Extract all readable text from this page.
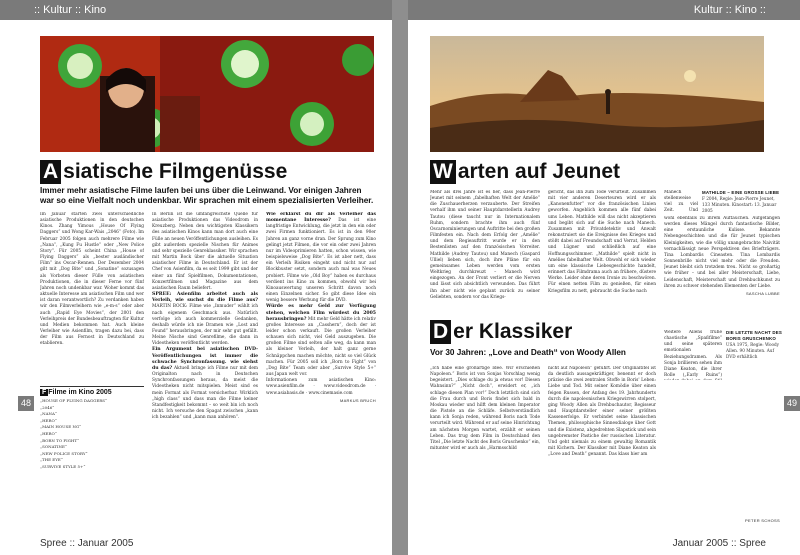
:: Kultur :: Kino
A siatische Filmgenüsse
Immer mehr asiatische Filme laufen bei uns über die Leinwand. Vor einigen Jahren war so eine Vielfalt noch undenkbar. Wir sprachen mit einem spezialisierten Verleiher.
Im Januar starten zwei unterschiedliche asiatische Produktionen in den deutschen Kinos. Zhang Yimous „House Of Flying Daggers“ und Wong Kar-Wais „2046“ (Foto). Im Februar 2005 folgen auch mehrere Filme wie „Nana“, „Kung Fu Hustle“ oder „New Police Story“. Für 2005 scheint China „House of Flying Daggers“ als „bester ausländischer Film“ ins Oscar-Rennen. Der Dezember 2004 gilt mit „Dog Bite“ und „Sonatine“ sozusagen als Vorboten dieser Fülle von asiatischen Produktionen, die in dieser Ferne vor fünf Jahren noch undenkbar war. Woher kommt das aktuelle Interesse am asiatischen Film und wer ist daran verantwortlich? Zu verdanken haben wir den Filmverleihern wie „e-m-s“ oder aber auch „Rapid Eye Movies“, der 2001 den Verleihpreis der Bundesbeauftragten für Kultur und Medien bekommen hat. Auch kleine Verleiher wie Asienfilm, tragen dazu bei, dass der Film aus Fernost in Deutschland zu etablieren.
In Berlin ist die umfangreichste Quelle für asiatische Produktionen das Videodrom in Kreuzberg. Neben den wichtigsten Klassikern des asiatischen Kinos kann man dort auch eine Fülle an neuen Veröffentlichungen ausleihen. Es gibt außerdem spezielle Nischen für Animes und sehr spezielle Genreklassiker. Wir sprachen mit Martin Bock über die aktuelle Situation asiatischer Filme in Deutschland. Er ist der Chef von Asienfilm, da es seit 1999 gibt und der einer an fünf Spielfilmen, Dokumentationen, Konzertfilmen und Magazine aus dem asiatischen Raum beliefert.
SPREE: Asienfilm arbeitet auch als Verleih, wie suchst du die Filme aus? MARTIN BOCK: Filme wie „Inmuder“ wählt ich nach eigenem Geschmack aus. Natürlich verfolge ich auch kommerzielle Gedanken, deshalb würde ich nie Dramen wie „Lost and Found“ herausbringen, der mir sehr gut gefällt. Meine Nische sind Genrefilme, die dann in Videotheken veröffentlicht werden.
Ein Argument bei asiatischen DVD-Veröffentlichungen ist immer die schwache Synchronfassung. wie siehst du das? Aktuell bringe ich Filme nur mit dem Originalton nach in Deutschen Synchronfassungen heraus, da meist die Videotheken nicht mitspielen. Meist sind es mein Format als Format versicherbar. Wirklich „high class“ und dass man die Filme keiner Standfestigkeit bekommt – so weit bin ich noch nicht. Ich versuche den Spagat zwischen „kann ich bezahlen“ und „kann man anhören“.
Wie erklärst du dir als Verleiher das momentane Interesse? Das ist eine langfristige Entwicklung, die jetzt in den ein oder zwei Firmen funktioniert. Es ist in den 90er Jahren an ganz vorne dran. Der Sprung zum Kino gelingt jetzt Filmen, die vor ein oder zwei Jahren nur im Videoprimieren hatten, schon wissen, wie beispielsweise „Dog Bite“. Es ist aber nett, dass ein Verleih Risiken eingeht und nicht nur auf Blockbuster setzt, sondern auch mal was Neues probiert. Filme wie „Old Boy“ haben es durchaus verdient ins Kino zu kommen, obwohl wir bei Kinoauswertung unseren Schritt davon noch einen Einzelnen sicher. So gibt diese Idee ein wenig bessere Werbung für die DVD.
Würde es mehr Geld zur Verfügung stehen, welchen Film würdest du 2005 herausbringen? Mit mehr Geld hätte ich relativ großes Interesse an „Casshern“, doch der ist leider schon verkauft. Die großen Verleiher schauen sich nicht, viel Geld auszugeben. Die großen Filme sind selten alle weg, da kann man als kleiner Verleih, der halt ganz gerne Schnäppchen machen möchte, nicht so viel Glück machen. Für 2005 soll ich „Born to Fight“ von „Dog Bite“ Team oder aber „Survive Style 5+“ aus Japan welt vor.
Informationen zum asiatischen Kino: www.asienfilm.de · www.videodrom.de · www.asiabasis.de · www.cinemasie.com
MARKUS BRUCH
F Filme im Kino 2005
„HOUSE OF FLYING DAGGERS“
„2046“
„NANA“
„HERO“
„MAIN HOUSE NG“
„HERO“
„BORN TO FIGHT“
„SONATINE“
„NEW POLICE STORY“
„THE EYE“
„SURVIVE STYLE 5+“
48
Spree :: Januar 2005
Kultur :: Kino ::
W arten auf Jeunet
Mehr als drei Jahre ist es her, dass Jean-Pierre Jeunet mit seinem „fabelhaften Welt der Amélie“ die Zuschauerherzen verzauberte. Der Streifen verhalf ihm und seiner Hauptdarstellerin Audrey Tautou (diese taucht nur in Internationalem Ruhm, sondern brachte ihm auch fünf Oscarnominierungen und Auftritte bei den großen Filmfesten ein. Nach dem Erfolg der „Amélie“ und dem Regieauftritt wurde er in den Bestenlisten auf den französischen Vorreiter. Mathilde (Audrey Tautou) und Manech (Gaspard Ulliel) lieben sich, doch ihre Pläne für ein gemeinsames Leben werden vom ersten Weltkrieg durchkreuzt – Manech wird eingezogen. An der Front verliert er die Nerven und lässt sich absichtlich verwunden. Das führt ihn aber nicht wie geplant zurück zu seiner Geliebten, sondern vor das Kriegs-
gericht, das ihn zum Tode verurteilt. Zusammen mit vier anderen Deserteuren wird er als „Kanonenfutter“ vor die französischen Linien geworfen. Angeblich kommen alle fünf dabei ums Leben. Mathilde will das nicht akzeptieren und begibt sich auf die Suche nach Manech. Zusammen mit Privatdetektiv und Anwalt rekonstruiert sie die Ereignisse des Krieges und stößt dabei auf Freundschaft und Verrat, Helden und Lügner und schließlich auf eine Hoffnungsschimmer. „Mathilde“ spielt nicht in Amélies fabelhafter Welt. Obwohl er sich wieder um eine klassische Liebesgeschichte handelt, erinnert das Filmdrama auch an frühere, düstere Werke. Leider ohne deren Ironie zu beschwören. Für einen netten Film zu genießen, für einen Kriegsfilm zu nett, gebraucht die Suche nach
Manech stellenweise viel zu viel Zeit. Und
MATHILDE – EINE GROSSE LIEBE
F 2004, Regie: Jean-Pierre Jeunet, 133 Minuten. Kinostart: 13. Januar 2005
wohl ebenfalls zu ihrem Auftauchen. Aufgefangen werden dieses Mängel durch fantastische Bilder, eine erstaunliche Kulisse. Bekannte Nebengeschichten und die für Jeunet typischen Kleinigkeiten, wie die völlig unangebrachte Naivität vernachlässigt neue Perspektiven des Briefträgers. Tina Lombardis Cineasten. Tina Lombardis Sonnenbrille nicht viel mehr oder die Freuden. Jeunet bleibt sich trotzdem treu. Nicht so großartig wie früher – und bei aller Meisterschaft, Liebe, Leidenschaft, Meisterschaft und Drehbuchkunst zu ihren zu schwer stehenden Elementen der Liebe.
SASCHA LUBBE
D er Klassiker
Vor 30 Jahren: „Love and Death“ von Woody Allen
„Ich habe eine großartige Idee. Wir erschießen Napoleon.“ Boris ist von Sonjas Vorschlag wenig begeistert. „Dies schlage du ja etwas vor! Diesen Wahnsinn?“ „Nicht doch“, erwidert er, „ich schlage diesen Plan vor!“ Doch letztlich sind sich die Frau durch und Boris findet sich bald in Moskau wieder und hilft dem kleinen Imperator die Pistole an die Schläfe. Selbstverständlich kann ich Sonja reden, während Boris nach Tode verurteilt wird. Während er auf seine Hinrichtung am nächsten Morgen wartet, erzählt er seinen Leben. Das trug dem Film in Deutschland den Titel „Die letzte Nacht des Boris Gruschenko“ ein, mitunter wird er auch als „Harmsschild
nicht auf Napoleon“ geführt. Der Originaltitel ist da deutlich aussagekräftiger, benennt er doch präzise die zwei zentralen Stoffe in Boris' Leben: Liebe und Tod. Mit seiner Komödie über einen feigen Russen, der Anfang des 19. Jahrhunderts durch die napoleonischen Kriegswirren stolpert, ging Woody Allen als Drehbuchautor, Regisseur und Hauptdarsteller einer seiner größten Kassenerfolge. Er verbindet seine klassischen Themen, philosophische Sinnesdialoge über Gott und die Existenz, abgedrehten Slapstick und sein ungebremster Pastiche der russischen Literatur. Und geht niemals zu einem gewaltig Romantik mit Kichern. Der Klassiker mit Diane Keaton als „Love and Death“ genannt. Das klass hier am
Weitere Allens frühe chaotische „Spaßfilme“ und seine späteren emotionalen Beziehungsdramen. Als Sonja brillieren sehen ihm Diane Keaton, die ihrer Rolle („Early Ruins“)
DIE LETZTE NACHT DES BORIS GRUSCHENKO
USA 1975, Regie: Woody Allen. 90 Minuten. Auf DVD erhältlich
PETER SCHOSS
49
Januar 2005 :: Spree
